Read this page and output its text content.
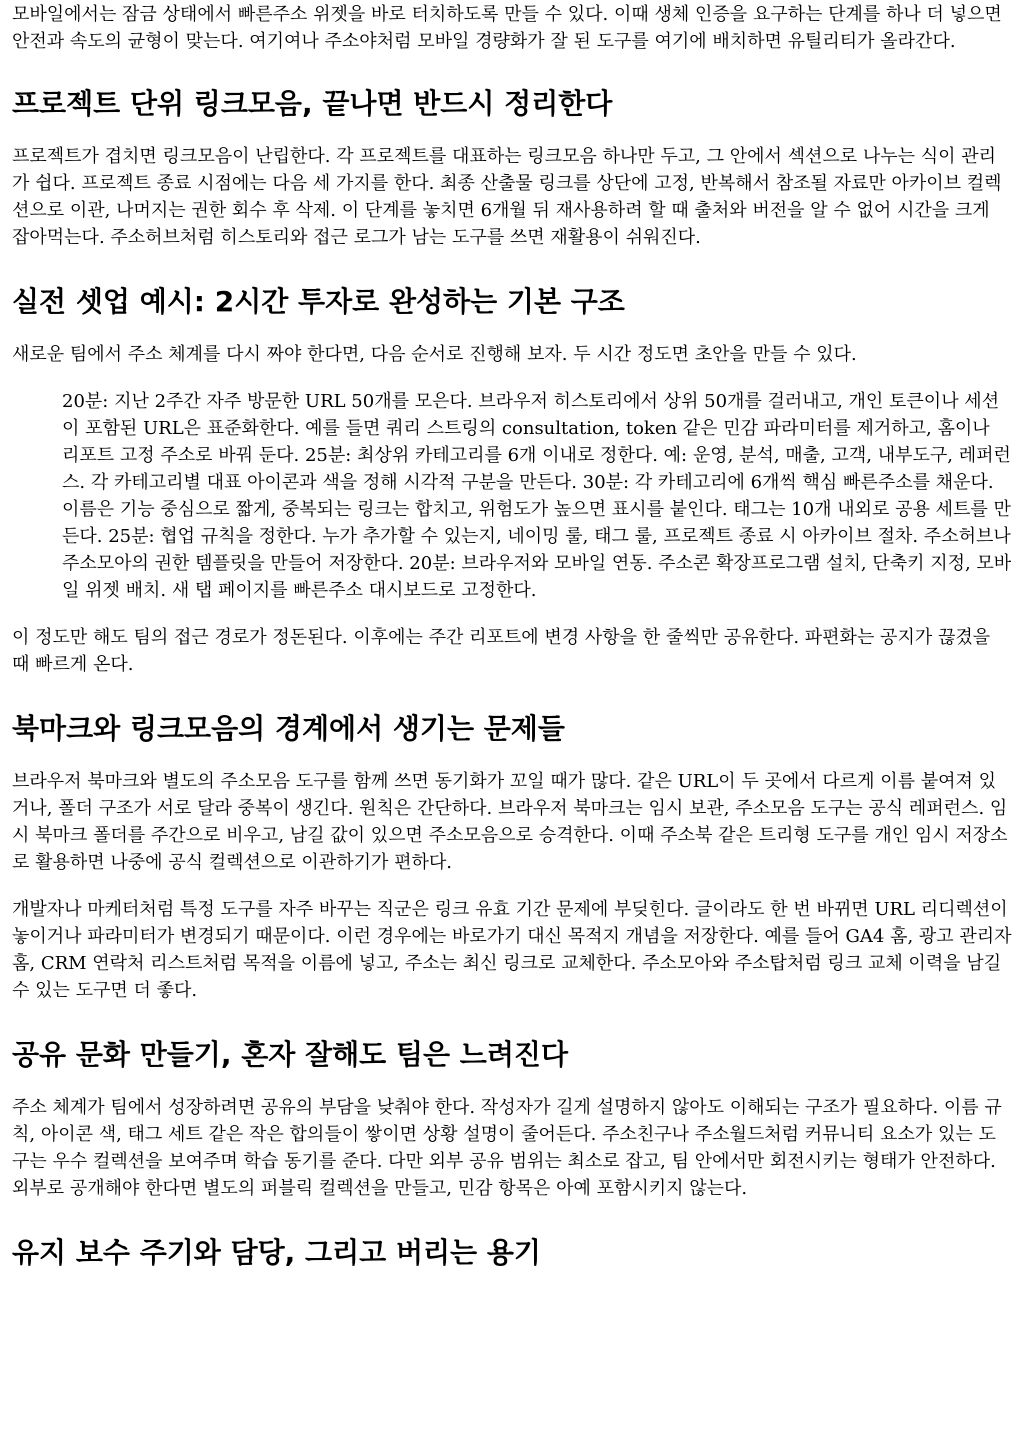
모바일에서는 잠금 상태에서 빠른주소 위젯을 바로 터치하도록 만들 수 있다. 이때 생체 인증을 요구하는 단계를 하나 더 넣으면 안전과 속도의 균형이 맞는다. 여기여나 주소야처럼 모바일 경량화가 잘 된 도구를 여기에 배치하면 유틸리티가 올라간다.

프로젝트 단위 링크모음, 끝나면 반드시 정리한다

프로젝트가 겹치면 링크모음이 난립한다. 각 프로젝트를 대표하는 링크모음 하나만 두고, 그 안에서 섹션으로 나누는 식이 관리가 쉽다. 프로젝트 종료 시점에는 다음 세 가지를 한다. 최종 산출물 링크를 상단에 고정, 반복해서 참조될 자료만 아카이브 컬렉션으로 이관, 나머지는 권한 회수 후 삭제. 이 단계를 놓치면 6개월 뒤 재사용하려 할 때 출처와 버전을 알 수 없어 시간을 크게 잡아먹는다. 주소허브처럼 히스토리와 접근 로그가 남는 도구를 쓰면 재활용이 쉬워진다.

실전 셋업 예시: 2시간 투자로 완성하는 기본 구조

새로운 팀에서 주소 체계를 다시 짜야 한다면, 다음 순서로 진행해 보자. 두 시간 정도면 초안을 만들 수 있다.

20분: 지난 2주간 자주 방문한 URL 50개를 모은다. 브라우저 히스토리에서 상위 50개를 걸러내고, 개인 토큰이나 세션이 포함된 URL은 표준화한다. 예를 들면 쿼리 스트링의 consultation, token 같은 민감 파라미터를 제거하고, 홈이나 리포트 고정 주소로 바꿔 둔다. 25분: 최상위 카테고리를 6개 이내로 정한다. 예: 운영, 분석, 매출, 고객, 내부도구, 레퍼런스. 각 카테고리별 대표 아이콘과 색을 정해 시각적 구분을 만든다. 30분: 각 카테고리에 6개씩 핵심 빠른주소를 채운다. 이름은 기능 중심으로 짧게, 중복되는 링크는 합치고, 위험도가 높으면 표시를 붙인다. 태그는 10개 내외로 공용 세트를 만든다. 25분: 협업 규칙을 정한다. 누가 추가할 수 있는지, 네이밍 룰, 태그 룰, 프로젝트 종료 시 아카이브 절차. 주소허브나 주소모아의 권한 템플릿을 만들어 저장한다. 20분: 브라우저와 모바일 연동. 주소콘 확장프로그램 설치, 단축키 지정, 모바일 위젯 배치. 새 탭 페이지를 빠른주소 대시보드로 고정한다.

이 정도만 해도 팀의 접근 경로가 정돈된다. 이후에는 주간 리포트에 변경 사항을 한 줄씩만 공유한다. 파편화는 공지가 끊겼을 때 빠르게 온다.

북마크와 링크모음의 경계에서 생기는 문제들

브라우저 북마크와 별도의 주소모음 도구를 함께 쓰면 동기화가 꼬일 때가 많다. 같은 URL이 두 곳에서 다르게 이름 붙여져 있거나, 폴더 구조가 서로 달라 중복이 생긴다. 원칙은 간단하다. 브라우저 북마크는 임시 보관, 주소모음 도구는 공식 레퍼런스. 임시 북마크 폴더를 주간으로 비우고, 남길 값이 있으면 주소모음으로 승격한다. 이때 주소북 같은 트리형 도구를 개인 임시 저장소로 활용하면 나중에 공식 컬렉션으로 이관하기가 편하다.

개발자나 마케터처럼 특정 도구를 자주 바꾸는 직군은 링크 유효 기간 문제에 부딪힌다. 글이라도 한 번 바뀌면 URL 리디렉션이 놓이거나 파라미터가 변경되기 때문이다. 이런 경우에는 바로가기 대신 목적지 개념을 저장한다. 예를 들어 GA4 홈, 광고 관리자 홈, CRM 연락처 리스트처럼 목적을 이름에 넣고, 주소는 최신 링크로 교체한다. 주소모아와 주소탑처럼 링크 교체 이력을 남길 수 있는 도구면 더 좋다.

공유 문화 만들기, 혼자 잘해도 팀은 느려진다

주소 체계가 팀에서 성장하려면 공유의 부담을 낮춰야 한다. 작성자가 길게 설명하지 않아도 이해되는 구조가 필요하다. 이름 규칙, 아이콘 색, 태그 세트 같은 작은 합의들이 쌓이면 상황 설명이 줄어든다. 주소친구나 주소월드처럼 커뮤니티 요소가 있는 도구는 우수 컬렉션을 보여주며 학습 동기를 준다. 다만 외부 공유 범위는 최소로 잡고, 팀 안에서만 회전시키는 형태가 안전하다. 외부로 공개해야 한다면 별도의 퍼블릭 컬렉션을 만들고, 민감 항목은 아예 포함시키지 않는다.

유지 보수 주기와 담당, 그리고 버리는 용기
